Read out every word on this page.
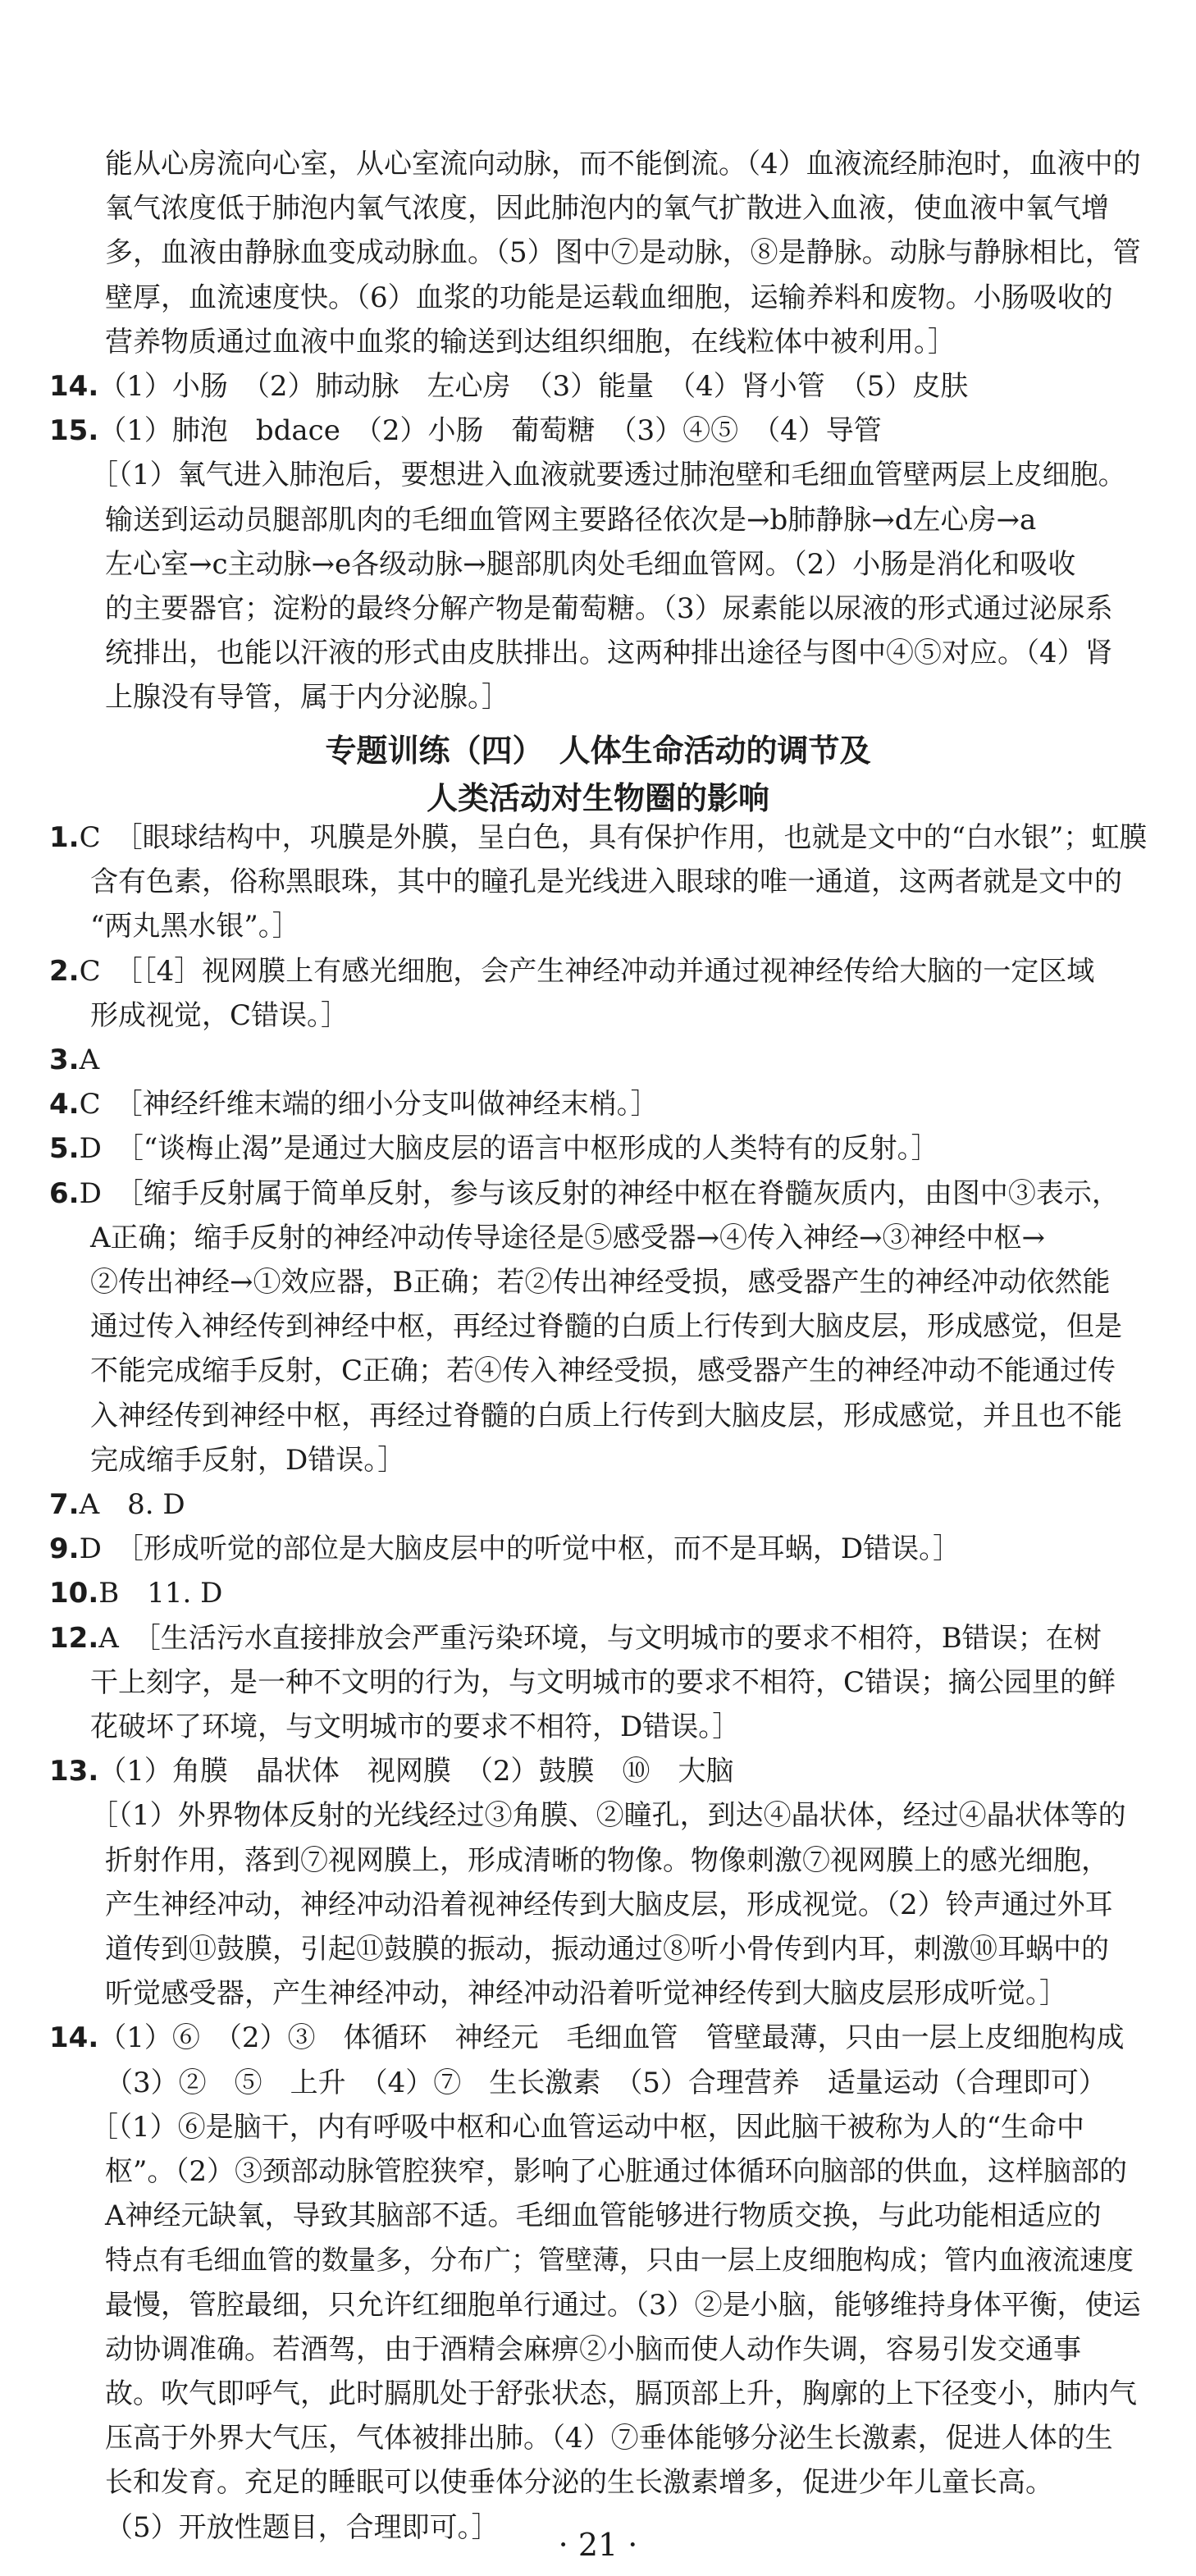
能从心房流向心室，从心室流向动脉，而不能倒流。（4）血液流经肺泡时，血液中的
氧气浓度低于肺泡内氧气浓度，因此肺泡内的氧气扩散进入血液，使血液中氧气增
多，血液由静脉血变成动脉血。（5）图中⑦是动脉，⑧是静脉。动脉与静脉相比，管
壁厚，血流速度快。（6）血浆的功能是运载血细胞，运输养料和废物。小肠吸收的
营养物质通过血液中血浆的输送到达组织细胞，在线粒体中被利用。］
14.（1）小肠　（2）肺动脉　左心房　（3）能量　（4）肾小管　（5）皮肤
15.（1）肺泡　bdace　（2）小肠　葡萄糖　（3）④⑤　（4）导管
［（1）氧气进入肺泡后，要想进入血液就要透过肺泡壁和毛细血管壁两层上皮细胞。
输送到运动员腿部肌肉的毛细血管网主要路径依次是→b肺静脉→d左心房→a
左心室→c主动脉→e各级动脉→腿部肌肉处毛细血管网。（2）小肠是消化和吸收
的主要器官；淀粉的最终分解产物是葡萄糖。（3）尿素能以尿液的形式通过泌尿系
统排出，也能以汗液的形式由皮肤排出。这两种排出途径与图中④⑤对应。（4）肾
上腺没有导管，属于内分泌腺。］
专题训练（四）　人体生命活动的调节及
人类活动对生物圈的影响
1.C　［眼球结构中，巩膜是外膜，呈白色，具有保护作用，也就是文中的“白水银”；虹膜
含有色素，俗称黑眼珠，其中的瞳孔是光线进入眼球的唯一通道，这两者就是文中的
“两丸黑水银”。］
2.C　［［4］视网膜上有感光细胞，会产生神经冲动并通过视神经传给大脑的一定区域
形成视觉，C错误。］
3.A
4.C　［神经纤维末端的细小分支叫做神经末梢。］
5.D　［“谈梅止渴”是通过大脑皮层的语言中枢形成的人类特有的反射。］
6.D　［缩手反射属于简单反射，参与该反射的神经中枢在脊髓灰质内，由图中③表示，
A正确；缩手反射的神经冲动传导途径是⑤感受器→④传入神经→③神经中枢→
②传出神经→①效应器，B正确；若②传出神经受损，感受器产生的神经冲动依然能
通过传入神经传到神经中枢，再经过脊髓的白质上行传到大脑皮层，形成感觉，但是
不能完成缩手反射，C正确；若④传入神经受损，感受器产生的神经冲动不能通过传
入神经传到神经中枢，再经过脊髓的白质上行传到大脑皮层，形成感觉，并且也不能
完成缩手反射，D错误。］
7.A　8. D
9.D　［形成听觉的部位是大脑皮层中的听觉中枢，而不是耳蜗，D错误。］
10.B　11. D
12.A　［生活污水直接排放会严重污染环境，与文明城市的要求不相符，B错误；在树
干上刻字，是一种不文明的行为，与文明城市的要求不相符，C错误；摘公园里的鲜
花破坏了环境，与文明城市的要求不相符，D错误。］
13.（1）角膜　晶状体　视网膜　（2）鼓膜　⑩　大脑
［（1）外界物体反射的光线经过③角膜、②瞳孔，到达④晶状体，经过④晶状体等的
折射作用，落到⑦视网膜上，形成清晰的物像。物像刺激⑦视网膜上的感光细胞，
产生神经冲动，神经冲动沿着视神经传到大脑皮层，形成视觉。（2）铃声通过外耳
道传到⑪鼓膜，引起⑪鼓膜的振动，振动通过⑧听小骨传到内耳，刺激⑩耳蜗中的
听觉感受器，产生神经冲动，神经冲动沿着听觉神经传到大脑皮层形成听觉。］
14.（1）⑥　（2）③　体循环　神经元　毛细血管　管壁最薄，只由一层上皮细胞构成
（3）②　⑤　上升　（4）⑦　生长激素　（5）合理营养　适量运动（合理即可）
［（1）⑥是脑干，内有呼吸中枢和心血管运动中枢，因此脑干被称为人的“生命中
枢”。（2）③颈部动脉管腔狭窄，影响了心脏通过体循环向脑部的供血，这样脑部的
A神经元缺氧，导致其脑部不适。毛细血管能够进行物质交换，与此功能相适应的
特点有毛细血管的数量多，分布广；管壁薄，只由一层上皮细胞构成；管内血液流速度
最慢，管腔最细，只允许红细胞单行通过。（3）②是小脑，能够维持身体平衡，使运
动协调准确。若酒驾，由于酒精会麻痹②小脑而使人动作失调，容易引发交通事
故。吹气即呼气，此时膈肌处于舒张状态，膈顶部上升，胸廓的上下径变小，肺内气
压高于外界大气压，气体被排出肺。（4）⑦垂体能够分泌生长激素，促进人体的生
长和发育。充足的睡眠可以使垂体分泌的生长激素增多，促进少年儿童长高。
（5）开放性题目，合理即可。］	· 21 ·
